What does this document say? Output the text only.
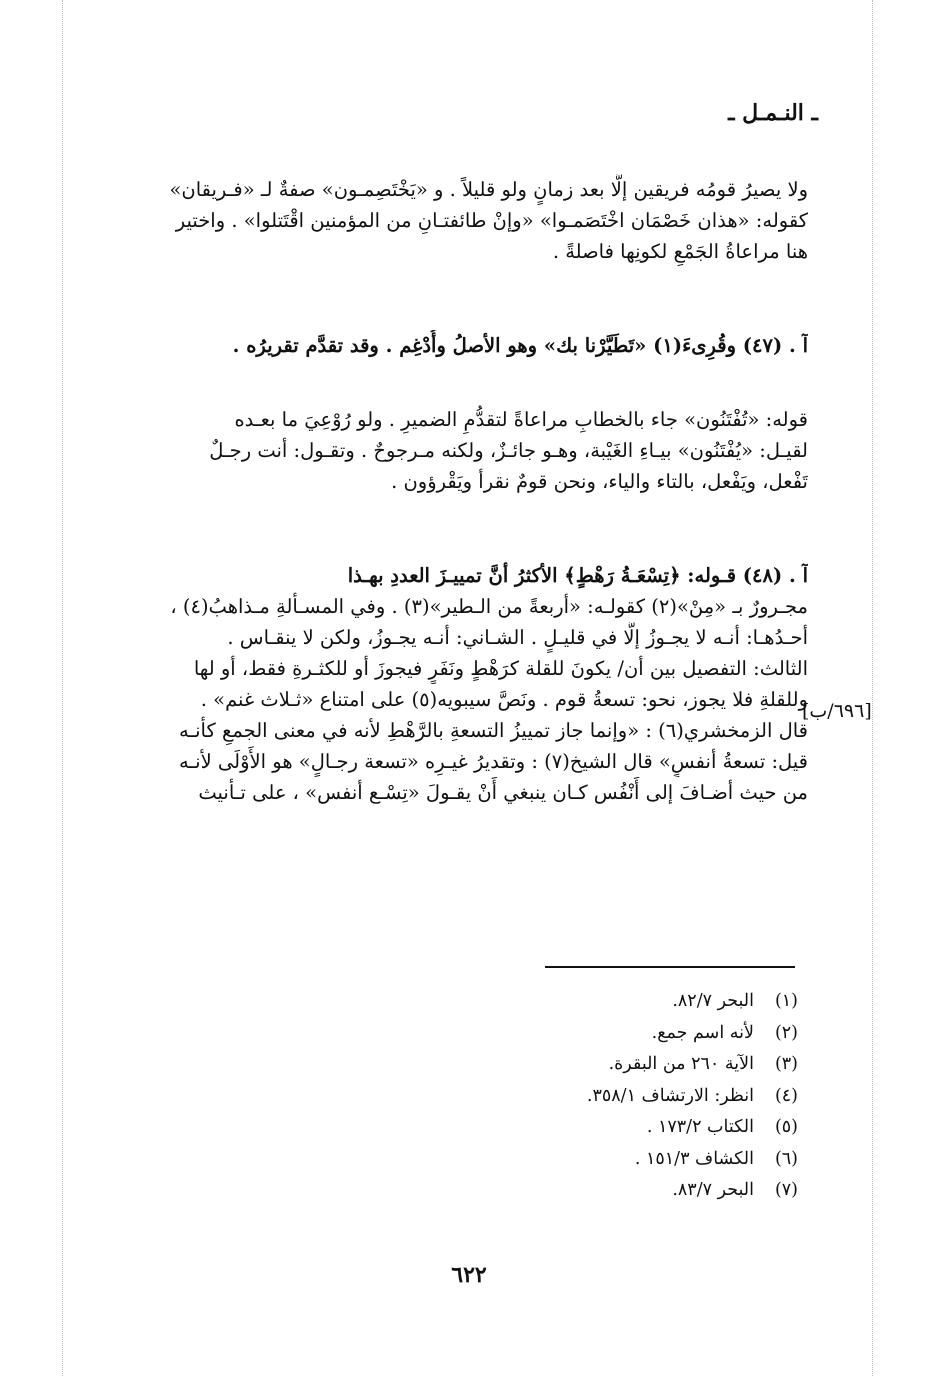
ـ النـمـل ـ
ولا يصيرُ قومُه فريقين إلَّا بعد زمانٍ ولو قليلاً . و «يَخْتَصِمـون» صفةٌ لـ «فـريقان»
كقوله: «هذان خَصْمَان اخْتَصَمـوا» «وإنْ طائفتـانِ من المؤمنين اقْتَتلوا» . واختير
هنا مراعاةُ الجَمْعِ لكونِها فاصلةً .
آ . (٤٧) وقُرِىءَ(١) «تَطَيَّرْنا بك» وهو الأصلُ وأُدْغِم . وقد تقدَّم تقريرُه .
قوله: «تُفْتَنُون» جاء بالخطابِ مراعاةً لتقدُّمِ الضميرِ . ولو رُوْعِيَ ما بعـده
لقيـل: «يُفْتَنُون» بيـاءِ الغَيْبة، وهـو جائـزٌ، ولكنه مـرجوحٌ . وتقـول: أنت رجـلٌ
تَفْعل، ويَفْعل، بالتاء والياء، ونحن قومٌ نقرأ ويَقْرؤون .
آ . (٤٨) قـوله: ﴿تِسْعَـةُ رَهْطٍ﴾ الأكثرُ أنَّ تمييـزَ العددِ بهـذا
مجـرورٌ بـ «مِنْ»(٢) كقولـه: «أربعةً من الـطير»(٣) . وفي المسـألةِ مـذاهبُ(٤) ،
أحـدُهـا: أنـه لا يجـوزُ إلَّا في قليـلٍ . الشـاني: أنـه يجـوزُ، ولكن لا ينقـاس .
الثالث: التفصيل بين أن/ يكونَ للقلة كرَهْطٍ ونَفَرٍ فيجوزَ أو للكثـرةِ فقط، أو لها
وللقلةِ فلا يجوز، نحو: تسعةُ قوم . ونَصَّ سيبويه(٥) على امتناع «ثـلاث غنم» .
قال الزمخشري(٦) : «وإنما جاز تمييزُ التسعةِ بالرَّهْطِ لأنه في معنى الجمعِ كأنـه
قيل: تسعةُ أنفسٍ» قال الشيخ(٧) : وتقديرُ غيـرِه «تسعة رجـالٍ» هو الأَوْلَى لأنـه
من حيث أضـافَ إلى أَنْفُس كـان ينبغي أَنْ يقـولَ «تِسْـع أنفس» ، على تـأنيث
[٦٩٦/ب]
(١)
البحر ٨٢/٧.
(٢)
لأنه اسم جمع.
(٣)
الآية ٢٦٠ من البقرة.
(٤)
انظر: الارتشاف ٣٥٨/١.
(٥)
الكتاب ١٧٣/٢ .
(٦)
الكشاف ١٥١/٣ .
(٧)
البحر ٨٣/٧.
٦٢٢
